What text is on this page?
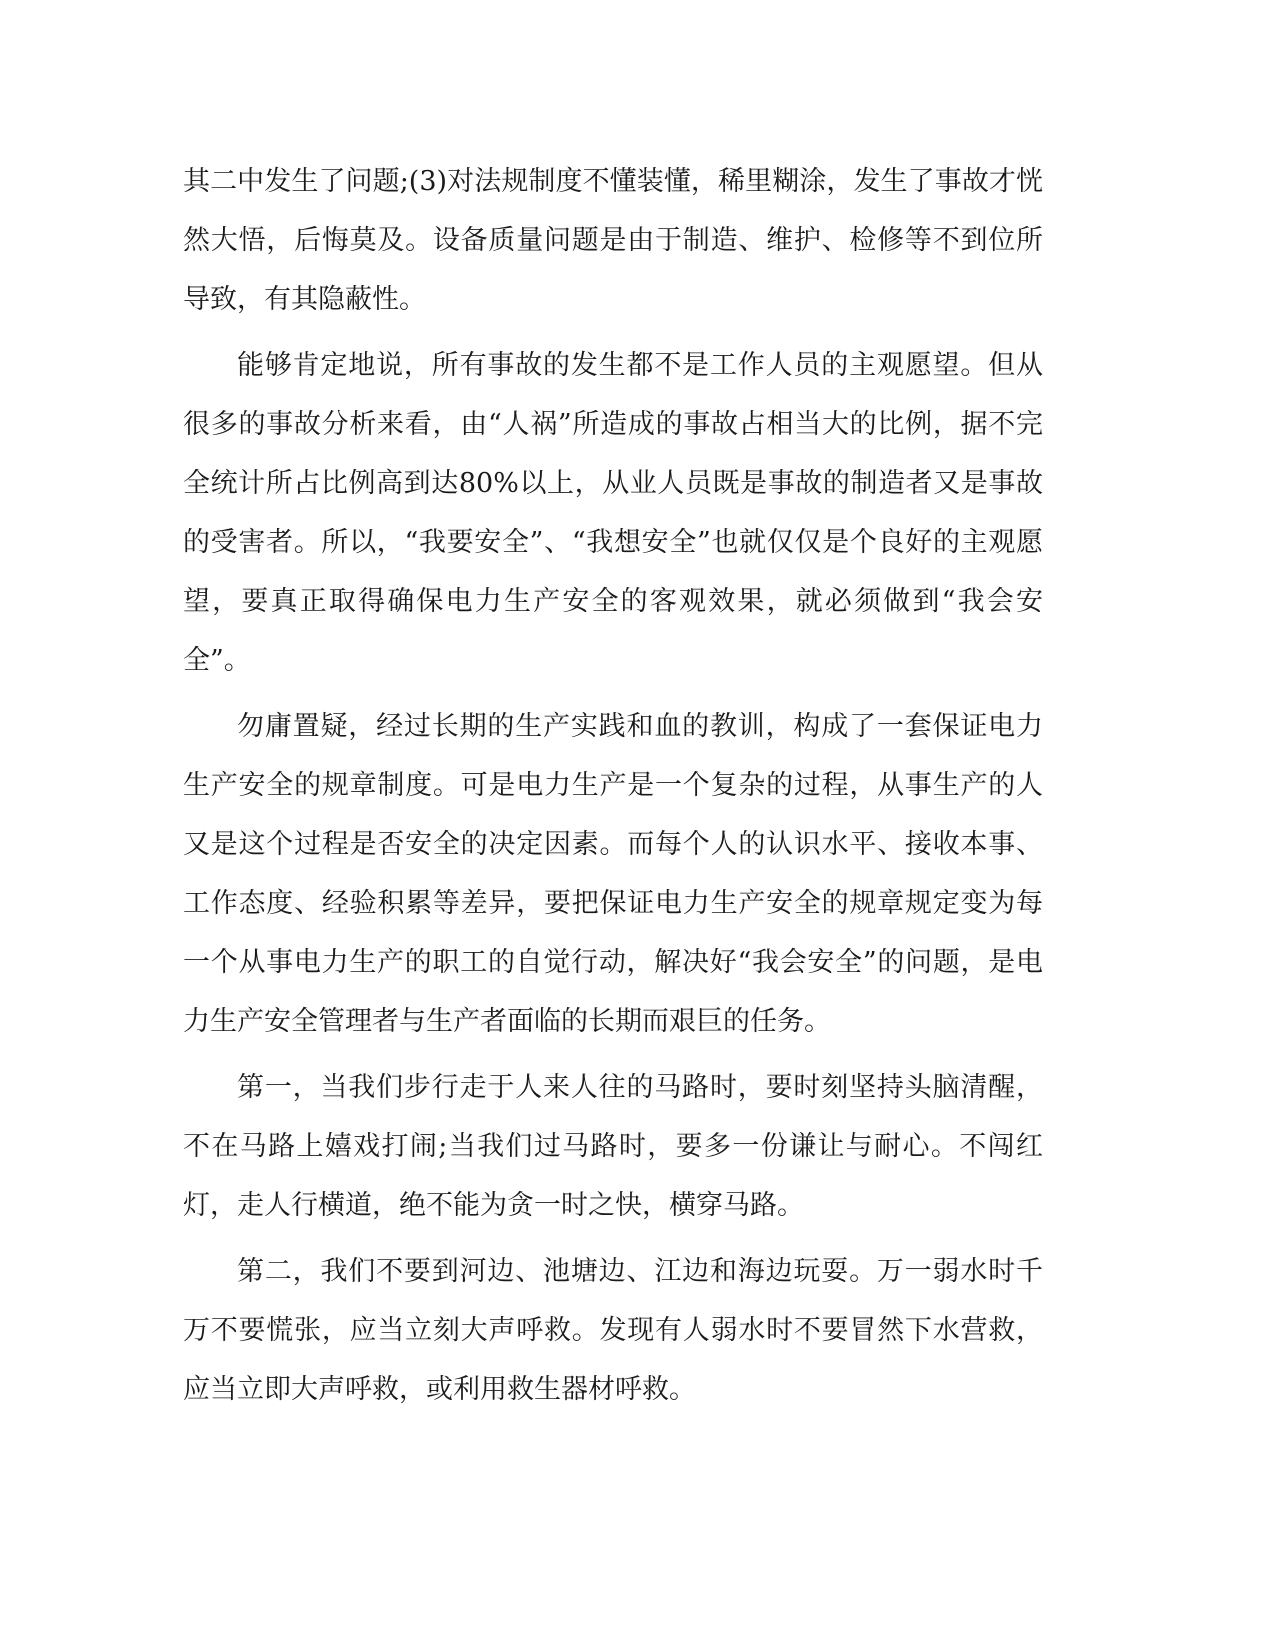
其二中发生了问题;(3)对法规制度不懂装懂，稀里糊涂，发生了事故才恍然大悟，后悔莫及。设备质量问题是由于制造、维护、检修等不到位所导致，有其隐蔽性。

能够肯定地说，所有事故的发生都不是工作人员的主观愿望。但从很多的事故分析来看，由“人祸”所造成的事故占相当大的比例，据不完全统计所占比例高到达80%以上，从业人员既是事故的制造者又是事故的受害者。所以，“我要安全”、“我想安全”也就仅仅是个良好的主观愿望，要真正取得确保电力生产安全的客观效果，就必须做到“我会安全”。

勿庸置疑，经过长期的生产实践和血的教训，构成了一套保证电力生产安全的规章制度。可是电力生产是一个复杂的过程，从事生产的人又是这个过程是否安全的决定因素。而每个人的认识水平、接收本事、工作态度、经验积累等差异，要把保证电力生产安全的规章规定变为每一个从事电力生产的职工的自觉行动，解决好“我会安全”的问题，是电力生产安全管理者与生产者面临的长期而艰巨的任务。

第一，当我们步行走于人来人往的马路时，要时刻坚持头脑清醒，不在马路上嬉戏打闹;当我们过马路时，要多一份谦让与耐心。不闯红灯，走人行横道，绝不能为贪一时之快，横穿马路。

第二，我们不要到河边、池塘边、江边和海边玩耍。万一弱水时千万不要慌张，应当立刻大声呼救。发现有人弱水时不要冒然下水营救，应当立即大声呼救，或利用救生器材呼救。
